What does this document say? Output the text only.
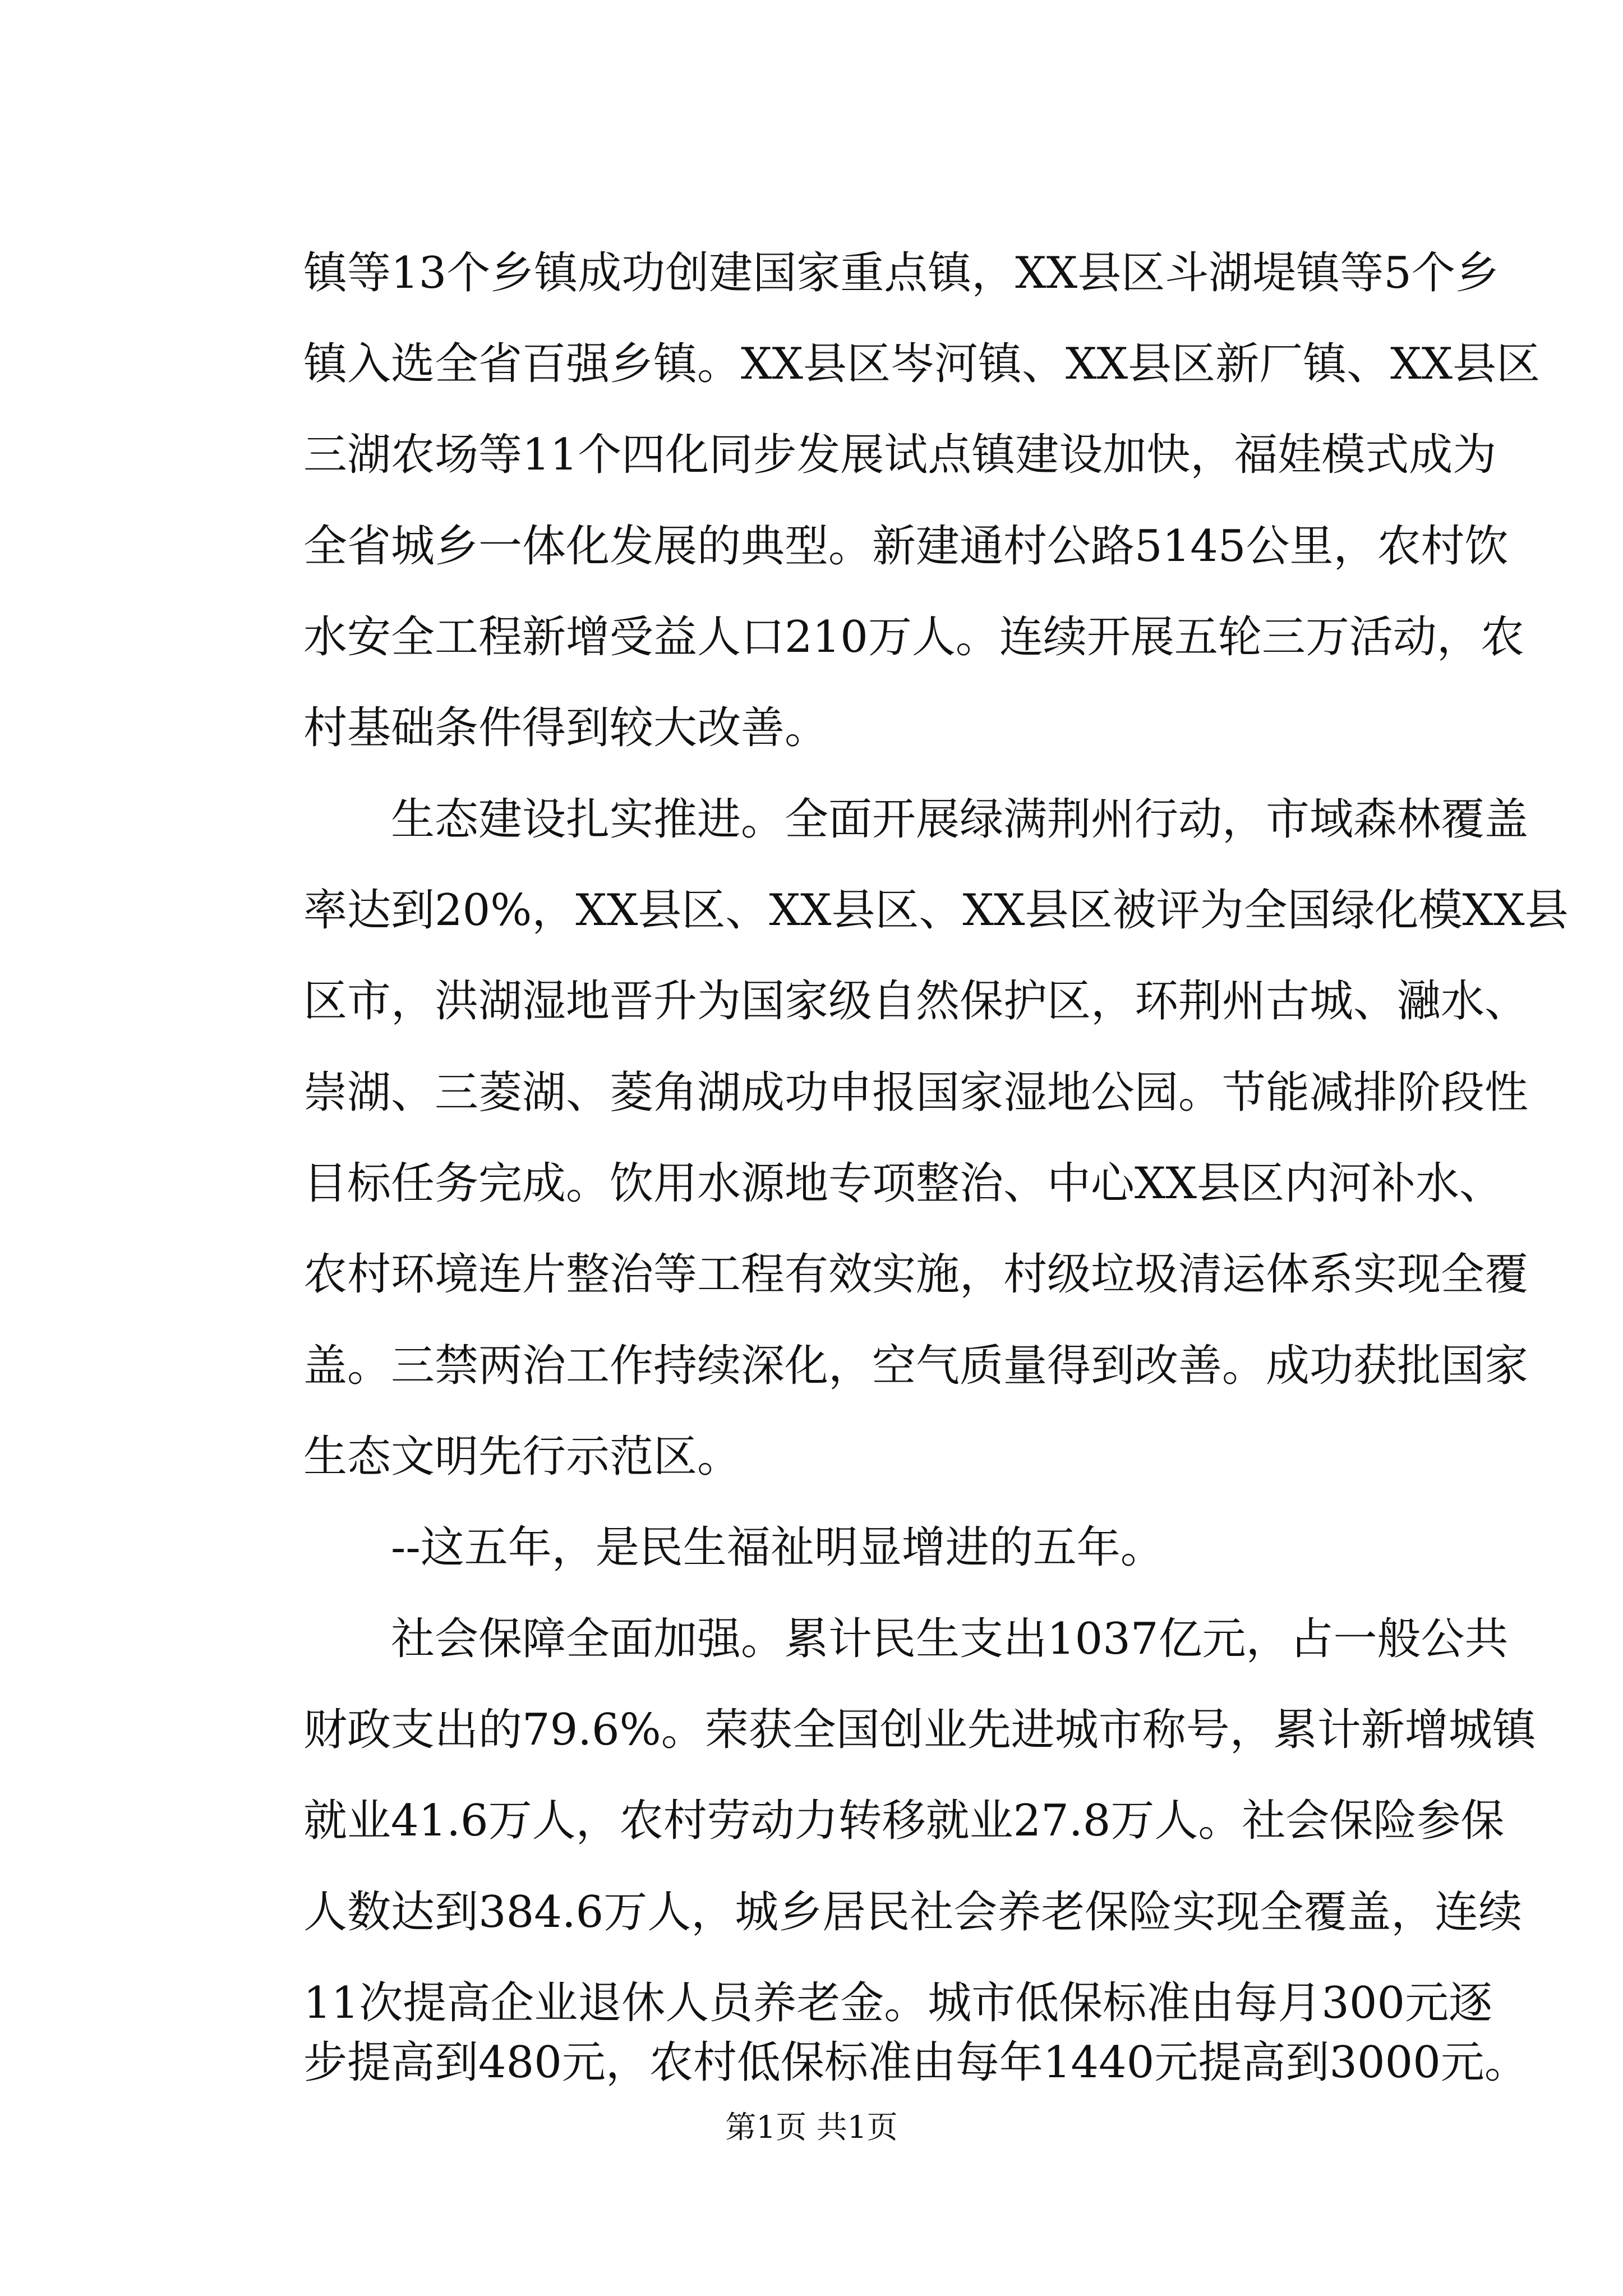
镇等13个乡镇成功创建国家重点镇，XX县区斗湖堤镇等5个乡
镇入选全省百强乡镇。XX县区岑河镇、XX县区新厂镇、XX县区
三湖农场等11个四化同步发展试点镇建设加快，福娃模式成为
全省城乡一体化发展的典型。新建通村公路5145公里，农村饮
水安全工程新增受益人口210万人。连续开展五轮三万活动，农
村基础条件得到较大改善。
　　生态建设扎实推进。全面开展绿满荆州行动，市域森林覆盖
率达到20%，XX县区、XX县区、XX县区被评为全国绿化模XX县
区市，洪湖湿地晋升为国家级自然保护区，环荆州古城、瀜水、
崇湖、三菱湖、菱角湖成功申报国家湿地公园。节能减排阶段性
目标任务完成。饮用水源地专项整治、中心XX县区内河补水、
农村环境连片整治等工程有效实施，村级垃圾清运体系实现全覆
盖。三禁两治工作持续深化，空气质量得到改善。成功获批国家
生态文明先行示范区。
　　--这五年，是民生福祉明显增进的五年。
　　社会保障全面加强。累计民生支出1037亿元，占一般公共
财政支出的79.6%。荣获全国创业先进城市称号，累计新增城镇
就业41.6万人，农村劳动力转移就业27.8万人。社会保险参保
人数达到384.6万人，城乡居民社会养老保险实现全覆盖，连续
11次提高企业退休人员养老金。城市低保标准由每月300元逐
步提高到480元，农村低保标准由每年1440元提高到3000元。
第1页 共1页
